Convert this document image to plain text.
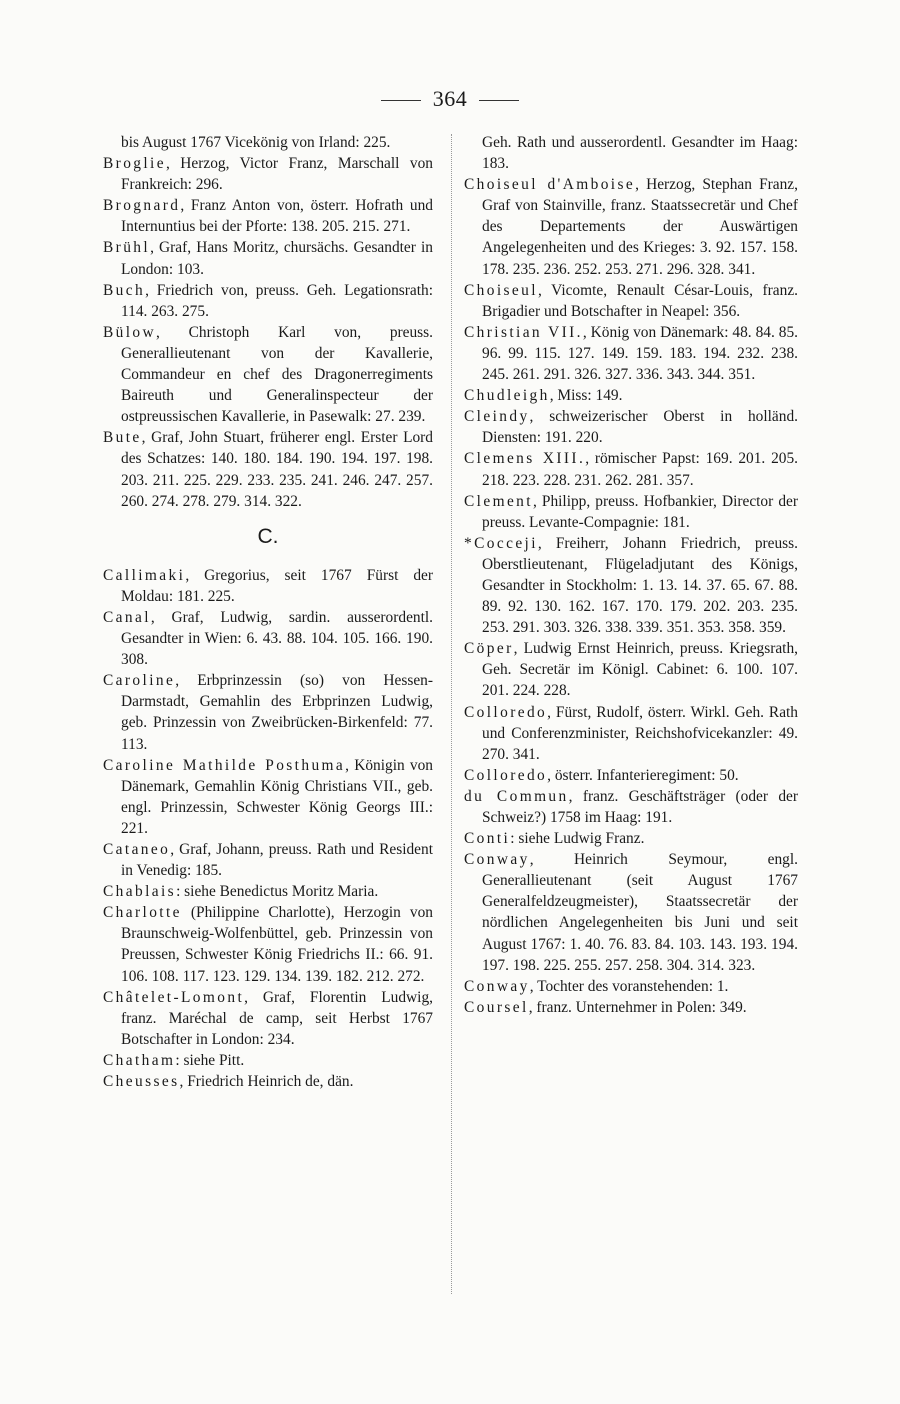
364
bis August 1767 Vicekönig von Irland: 225.
Broglie, Herzog, Victor Franz, Marschall von Frankreich: 296.
Brognard, Franz Anton von, österr. Hofrath und Internuntius bei der Pforte: 138. 205. 215. 271.
Brühl, Graf, Hans Moritz, chursächs. Gesandter in London: 103.
Buch, Friedrich von, preuss. Geh. Legationsrath: 114. 263. 275.
Bülow, Christoph Karl von, preuss. Generallieutenant von der Kavallerie, Commandeur en chef des Dragonerregiments Baireuth und Generalinspecteur der ostpreussischen Kavallerie, in Pasewalk: 27. 239.
Bute, Graf, John Stuart, früherer engl. Erster Lord des Schatzes: 140. 180. 184. 190. 194. 197. 198. 203. 211. 225. 229. 233. 235. 241. 246. 247. 257. 260. 274. 278. 279. 314. 322.
C.
Callimaki, Gregorius, seit 1767 Fürst der Moldau: 181. 225.
Canal, Graf, Ludwig, sardin. ausserordentl. Gesandter in Wien: 6. 43. 88. 104. 105. 166. 190. 308.
Caroline, Erbprinzessin (so) von Hessen-Darmstadt, Gemahlin des Erbprinzen Ludwig, geb. Prinzessin von Zweibrücken-Birkenfeld: 77. 113.
Caroline Mathilde Posthuma, Königin von Dänemark, Gemahlin König Christians VII., geb. engl. Prinzessin, Schwester König Georgs III.: 221.
Cataneo, Graf, Johann, preuss. Rath und Resident in Venedig: 185.
Chablais: siehe Benedictus Moritz Maria.
Charlotte (Philippine Charlotte), Herzogin von Braunschweig-Wolfenbüttel, geb. Prinzessin von Preussen, Schwester König Friedrichs II.: 66. 91. 106. 108. 117. 123. 129. 134. 139. 182. 212. 272.
Châtelet-Lomont, Graf, Florentin Ludwig, franz. Maréchal de camp, seit Herbst 1767 Botschafter in London: 234.
Chatham: siehe Pitt.
Cheusses, Friedrich Heinrich de, dän.
Geh. Rath und ausserordentl. Gesandter im Haag: 183.
Choiseul d'Amboise, Herzog, Stephan Franz, Graf von Stainville, franz. Staatssecretär und Chef des Departements der Auswärtigen Angelegenheiten und des Krieges: 3. 92. 157. 158. 178. 235. 236. 252. 253. 271. 296. 328. 341.
Choiseul, Vicomte, Renault César-Louis, franz. Brigadier und Botschafter in Neapel: 356.
Christian VII., König von Dänemark: 48. 84. 85. 96. 99. 115. 127. 149. 159. 183. 194. 232. 238. 245. 261. 291. 326. 327. 336. 343. 344. 351.
Chudleigh, Miss: 149.
Cleindy, schweizerischer Oberst in holländ. Diensten: 191. 220.
Clemens XIII., römischer Papst: 169. 201. 205. 218. 223. 228. 231. 262. 281. 357.
Clement, Philipp, preuss. Hofbankier, Director der preuss. Levante-Compagnie: 181.
*Cocceji, Freiherr, Johann Friedrich, preuss. Oberstlieutenant, Flügeladjutant des Königs, Gesandter in Stockholm: 1. 13. 14. 37. 65. 67. 88. 89. 92. 130. 162. 167. 170. 179. 202. 203. 235. 253. 291. 303. 326. 338. 339. 351. 353. 358. 359.
Cöper, Ludwig Ernst Heinrich, preuss. Kriegsrath, Geh. Secretär im Königl. Cabinet: 6. 100. 107. 201. 224. 228.
Colloredo, Fürst, Rudolf, österr. Wirkl. Geh. Rath und Conferenzminister, Reichshofvicekanzler: 49. 270. 341.
Colloredo, österr. Infanterieregiment: 50.
du Commun, franz. Geschäftsträger (oder der Schweiz?) 1758 im Haag: 191.
Conti: siehe Ludwig Franz.
Conway, Heinrich Seymour, engl. Generallieutenant (seit August 1767 Generalfeldzeugmeister), Staatssecretär der nördlichen Angelegenheiten bis Juni und seit August 1767: 1. 40. 76. 83. 84. 103. 143. 193. 194. 197. 198. 225. 255. 257. 258. 304. 314. 323.
Conway, Tochter des voranstehenden: 1.
Coursel, franz. Unternehmer in Polen: 349.
